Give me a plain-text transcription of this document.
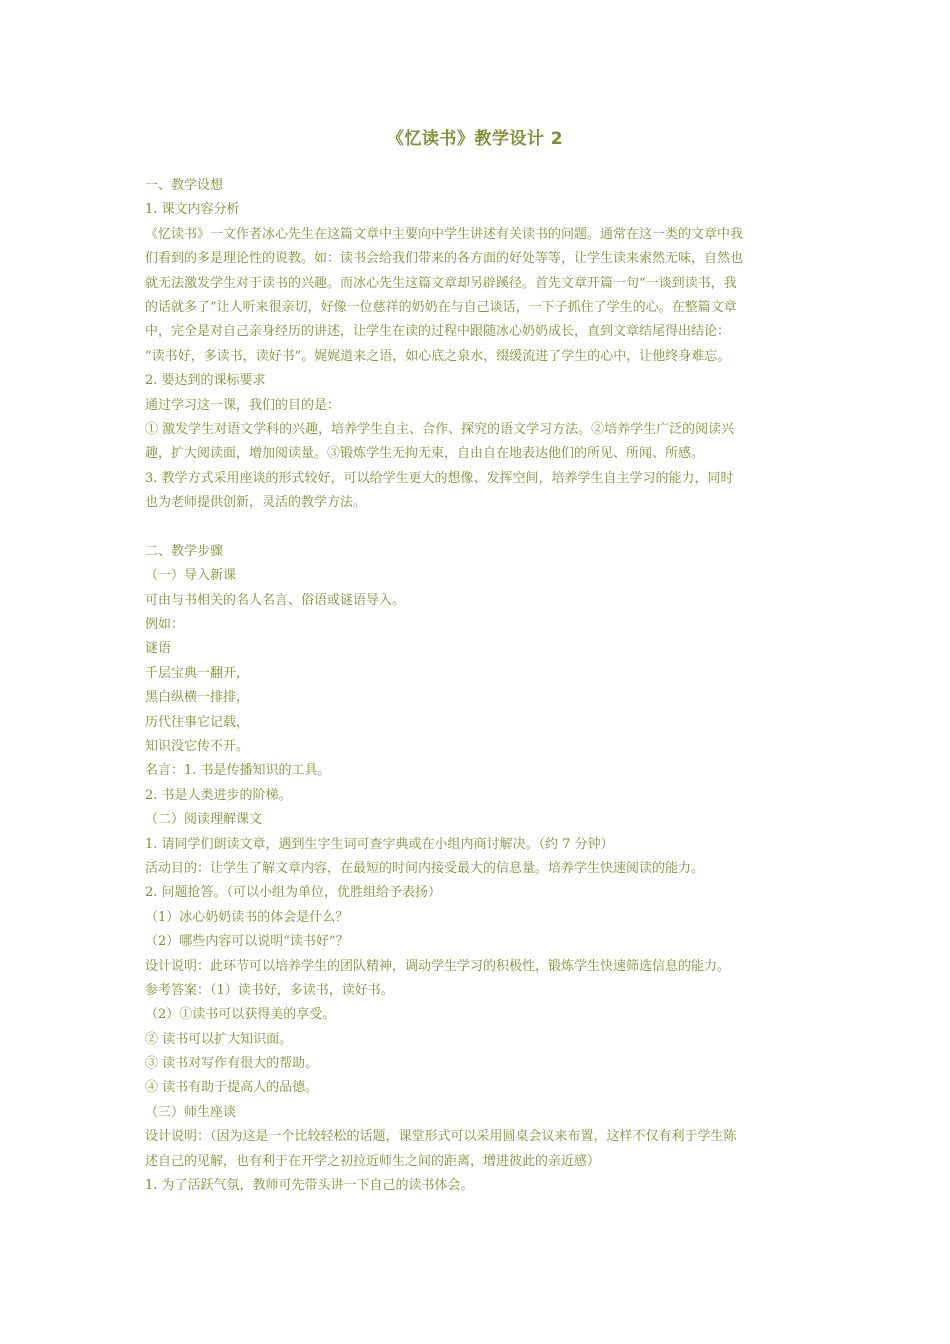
《忆读书》教学设计 2
一、教学设想
1. 课文内容分析
《忆读书》一文作者冰心先生在这篇文章中主要向中学生讲述有关读书的问题。通常在这一类的文章中我
们看到的多是理论性的说教。如：读书会给我们带来的各方面的好处等等，让学生读来索然无味，自然也
就无法激发学生对于读书的兴趣。而冰心先生这篇文章却另辟蹊径。首先文章开篇一句“一谈到读书，我
的话就多了”让人听来很亲切，好像一位慈祥的奶奶在与自己谈话，一下子抓住了学生的心。在整篇文章
中，完全是对自己亲身经历的讲述，让学生在读的过程中跟随冰心奶奶成长，直到文章结尾得出结论：
“读书好，多读书，读好书”。娓娓道来之语，如心底之泉水，缀缓流进了学生的心中，让他终身难忘。
2. 要达到的课标要求
通过学习这一课，我们的目的是：
① 激发学生对语文学科的兴趣，培养学生自主、合作、探究的语文学习方法。②培养学生广泛的阅读兴
趣，扩大阅读面，增加阅读量。③锻炼学生无拘无束，自由自在地表达他们的所见、所闻、所感。
3. 教学方式采用座谈的形式较好，可以给学生更大的想像、发挥空间，培养学生自主学习的能力，同时
也为老师提供创新，灵活的教学方法。
二、教学步骤
（一）导入新课
可由与书相关的名人名言、俗语或谜语导入。
例如：
谜语
千层宝典一翻开，
黑白纵横一排排，
历代往事它记载，
知识没它传不开。
名言：1. 书是传播知识的工具。
2. 书是人类进步的阶梯。
（二）阅读理解课文
1. 请同学们朗读文章，遇到生字生词可查字典或在小组内商讨解决。（约 7 分钟）
活动目的：让学生了解文章内容，在最短的时间内接受最大的信息量。培养学生快速阅读的能力。
2. 问题抢答。（可以小组为单位，优胜组给予表扬）
（1）冰心奶奶读书的体会是什么？
（2）哪些内容可以说明“读书好”？
设计说明：此环节可以培养学生的团队精神，调动学生学习的积极性，锻炼学生快速筛选信息的能力。
参考答案：（1）读书好，多读书，读好书。
（2）①读书可以获得美的享受。
② 读书可以扩大知识面。
③ 读书对写作有很大的帮助。
④ 读书有助于提高人的品德。
（三）师生座谈
设计说明：（因为这是一个比较轻松的话题，课堂形式可以采用圆桌会议来布置，这样不仅有利于学生陈
述自己的见解，也有利于在开学之初拉近师生之间的距离，增进彼此的亲近感）
1. 为了活跃气氛，教师可先带头讲一下自己的读书体会。
